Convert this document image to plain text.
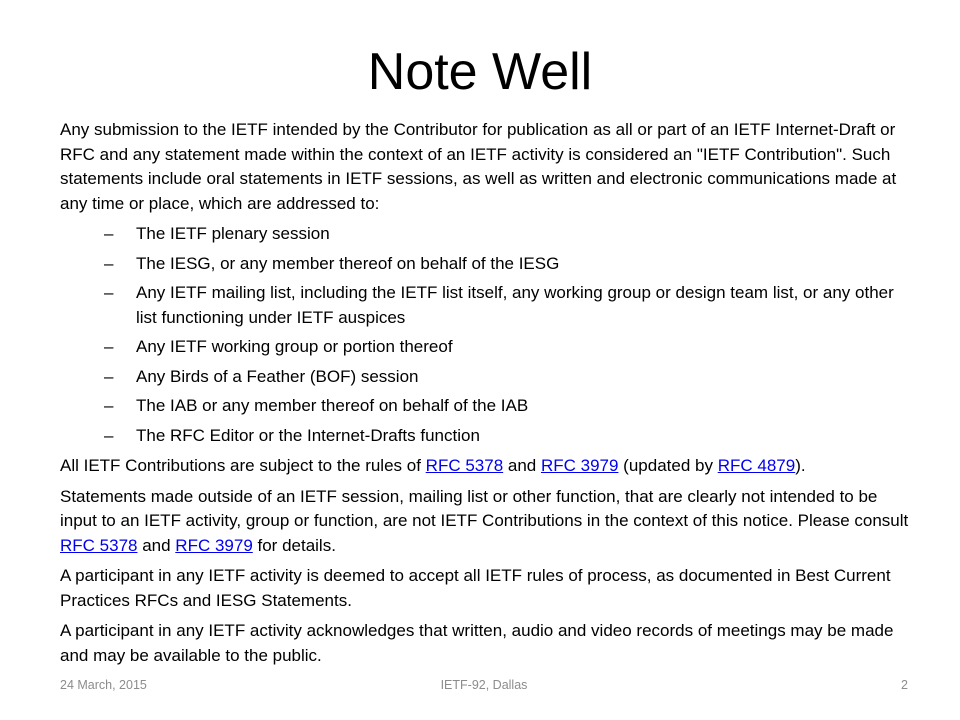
Note Well

Any submission to the IETF intended by the Contributor for publication as all or part of an IETF Internet-Draft or RFC and any statement made within the context of an IETF activity is considered an "IETF Contribution". Such statements include oral statements in IETF sessions, as well as written and electronic communications made at any time or place, which are addressed to:

– The IETF plenary session
– The IESG, or any member thereof on behalf of the IESG
– Any IETF mailing list, including the IETF list itself, any working group or design team list, or any other list functioning under IETF auspices
– Any IETF working group or portion thereof
– Any Birds of a Feather (BOF) session
– The IAB or any member thereof on behalf of the IAB
– The RFC Editor or the Internet-Drafts function

All IETF Contributions are subject to the rules of RFC 5378 and RFC 3979 (updated by RFC 4879).

Statements made outside of an IETF session, mailing list or other function, that are clearly not intended to be input to an IETF activity, group or function, are not IETF Contributions in the context of this notice. Please consult RFC 5378 and RFC 3979 for details.

A participant in any IETF activity is deemed to accept all IETF rules of process, as documented in Best Current Practices RFCs and IESG Statements.

A participant in any IETF activity acknowledges that written, audio and video records of meetings may be made and may be available to the public.

24 March, 2015	IETF-92, Dallas	2
